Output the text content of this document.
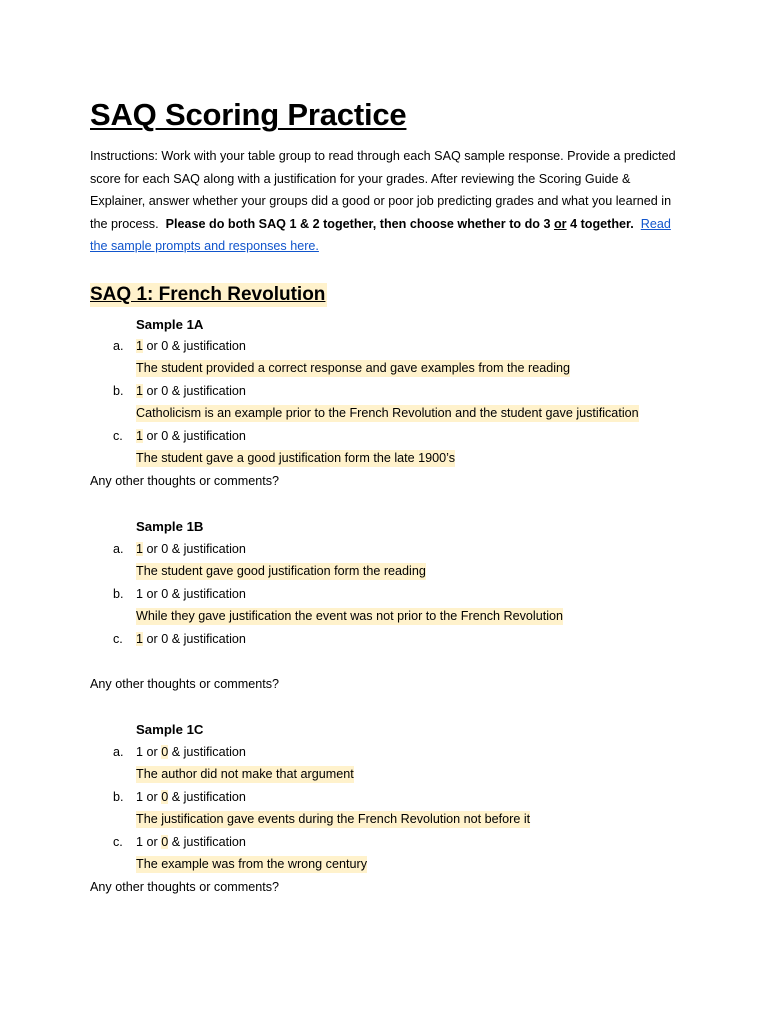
SAQ Scoring Practice

Instructions: Work with your table group to read through each SAQ sample response. Provide a predicted score for each SAQ along with a justification for your grades. After reviewing the Scoring Guide & Explainer, answer whether your groups did a good or poor job predicting grades and what you learned in the process. Please do both SAQ 1 & 2 together, then choose whether to do 3 or 4 together. Read the sample prompts and responses here.

SAQ 1: French Revolution
Sample 1A
a. 1 or 0 & justification
The student provided a correct response and gave examples from the reading
b. 1 or 0 & justification
Catholicism is an example prior to the French Revolution and the student gave justification
c.	1 or 0 & justification
The student gave a good justification form the late 1900’s
Any other thoughts or comments?
Sample 1B
a. 1 or 0 & justification
The student gave good justification form the reading
b. 1 or 0 & justification
While they gave justification the event was not prior to the French Revolution
c.	1 or 0 & justification
Any other thoughts or comments?
Sample 1C
a. 1 or 0 & justification
The author did not make that argument
b. 1 or 0 & justification
The justification gave events during the French Revolution not before it
c.	1 or 0 & justification
The example was from the wrong century
Any other thoughts or comments?
